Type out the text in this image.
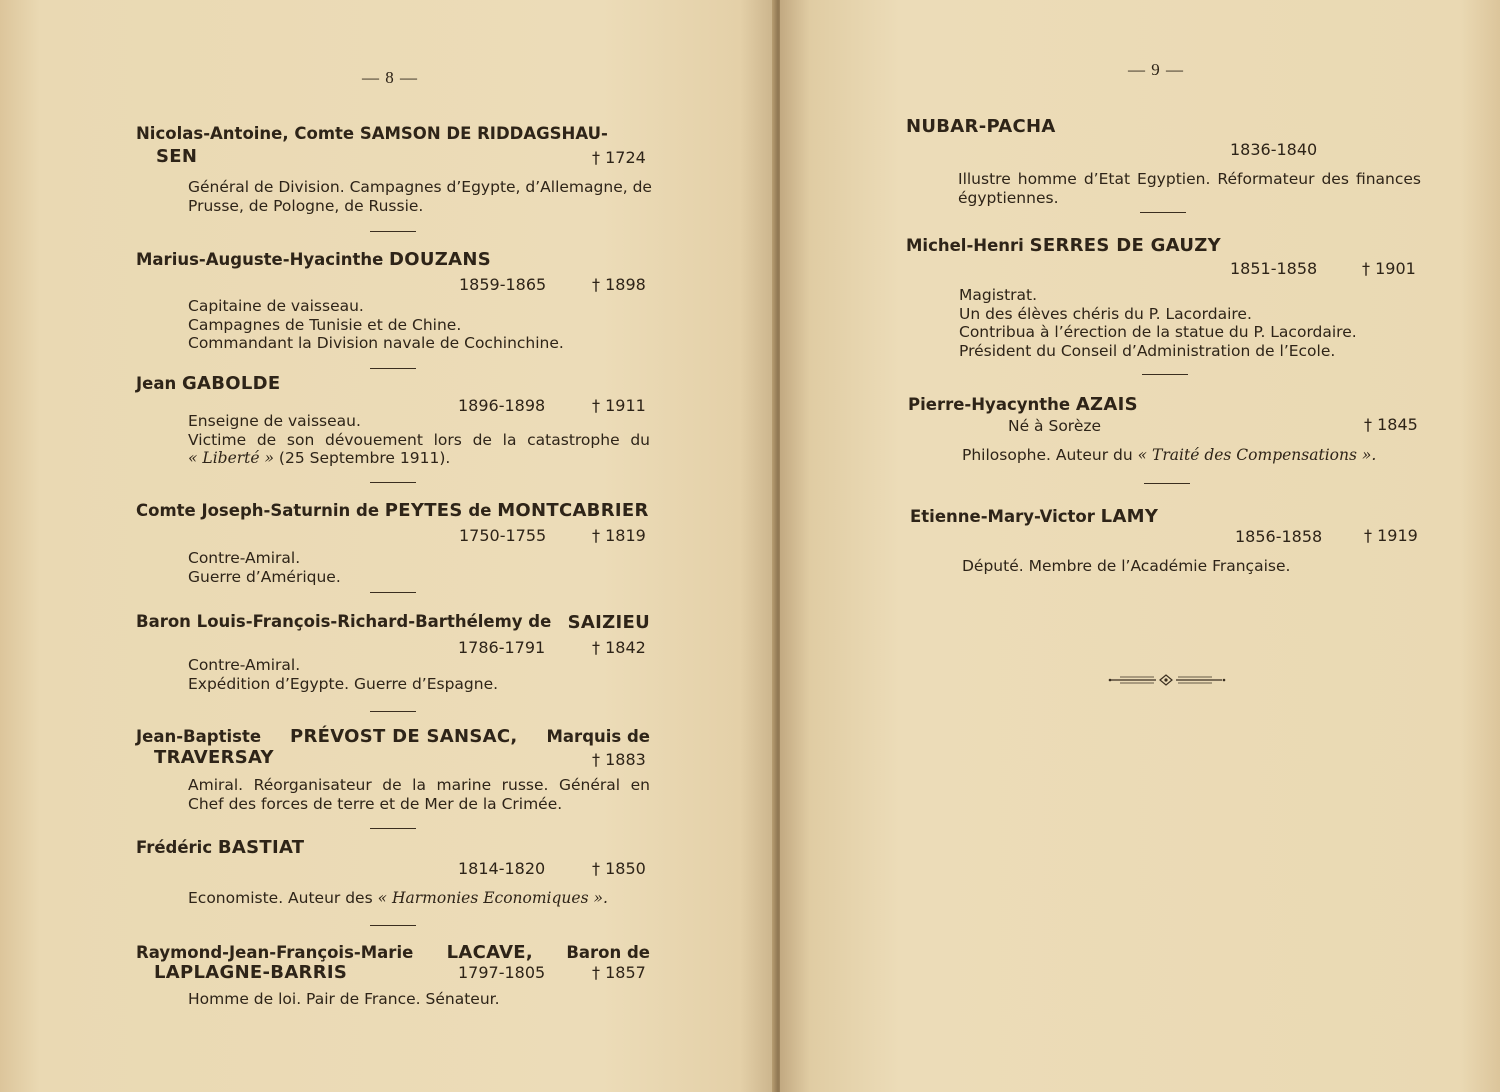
— 8 —
Nicolas-Antoine, Comte SAMSON DE RIDDAGSHAU-
SEN	† 1724
Général de Division. Campagnes d’Egypte, d’Allemagne, de
Prusse, de Pologne, de Russie.
Marius-Auguste-Hyacinthe DOUZANS
1859-1865	† 1898
Capitaine de vaisseau.
Campagnes de Tunisie et de Chine.
Commandant la Division navale de Cochinchine.
Jean GABOLDE
1896-1898	† 1911
Enseigne de vaisseau.
Victime de son dévouement lors de la catastrophe du
« Liberté » (25 Septembre 1911).
Comte Joseph-Saturnin de PEYTES de MONTCABRIER
1750-1755	† 1819
Contre-Amiral.
Guerre d’Amérique.
Baron Louis-François-Richard-Barthélemy de SAIZIEU
1786-1791	† 1842
Contre-Amiral.
Expédition d’Egypte. Guerre d’Espagne.
Jean-Baptiste PRÉVOST DE SANSAC, Marquis de
TRAVERSAY	† 1883
Amiral. Réorganisateur de la marine russe. Général en
Chef des forces de terre et de Mer de la Crimée.
Frédéric BASTIAT
1814-1820	† 1850
Economiste. Auteur des « Harmonies Economiques ».
Raymond-Jean-François-Marie LACAVE, Baron de
LAPLAGNE-BARRIS	1797-1805	† 1857
Homme de loi. Pair de France. Sénateur.
— 9 —
NUBAR-PACHA
1836-1840
Illustre homme d’Etat Egyptien. Réformateur des finances
égyptiennes.
Michel-Henri SERRES DE GAUZY
1851-1858	† 1901
Magistrat.
Un des élèves chéris du P. Lacordaire.
Contribua à l’érection de la statue du P. Lacordaire.
Président du Conseil d’Administration de l’Ecole.
Pierre-Hyacynthe AZAIS
Né à Sorèze	† 1845
Philosophe. Auteur du « Traité des Compensations ».
Etienne-Mary-Victor LAMY
1856-1858	† 1919
Député. Membre de l’Académie Française.
